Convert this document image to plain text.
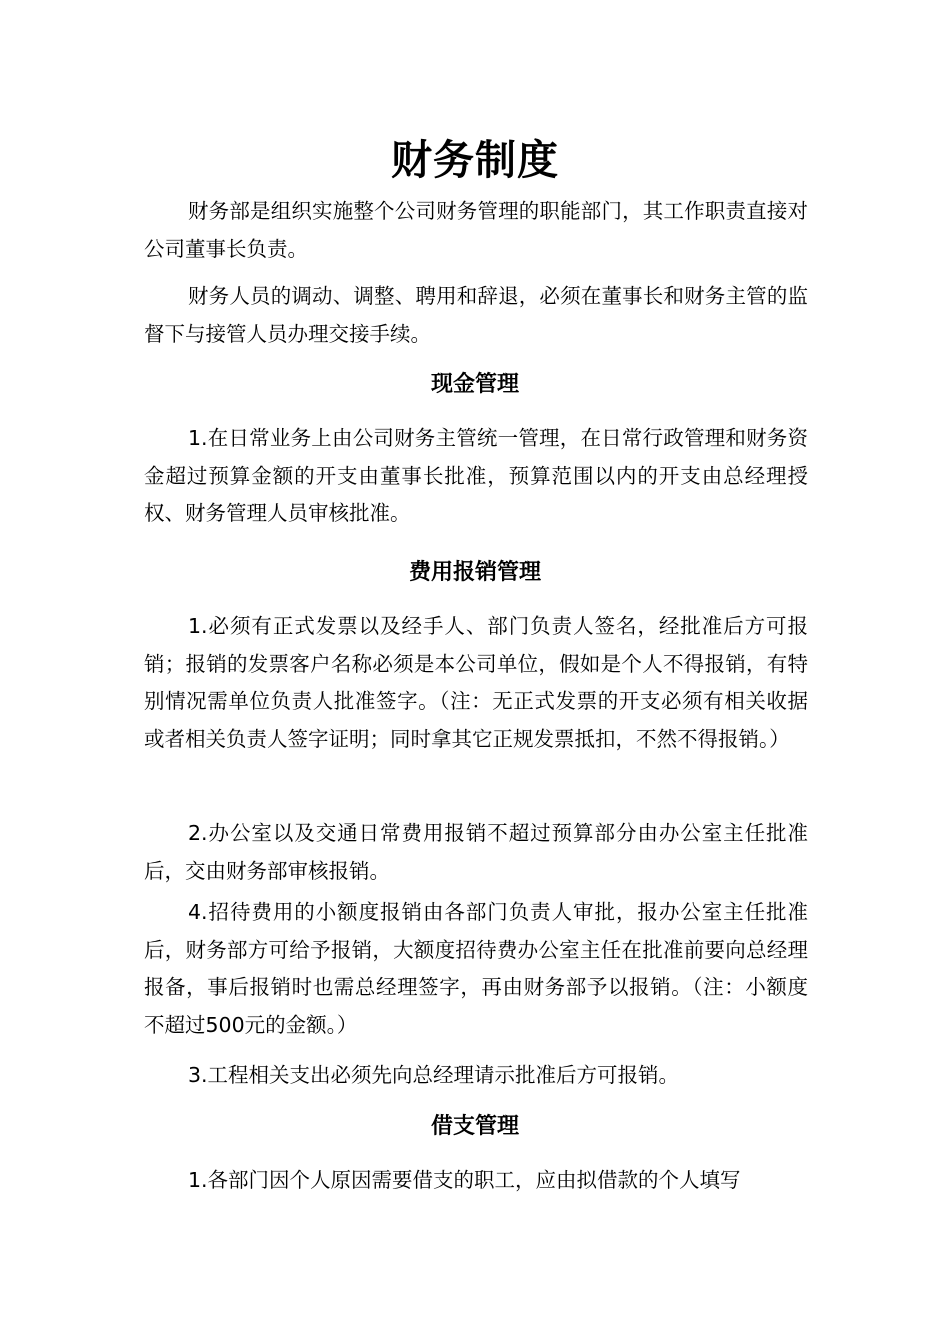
财务制度

财务部是组织实施整个公司财务管理的职能部门，其工作职责直接对公司董事长负责。

财务人员的调动、调整、聘用和辞退，必须在董事长和财务主管的监督下与接管人员办理交接手续。

现金管理

1.在日常业务上由公司财务主管统一管理，在日常行政管理和财务资金超过预算金额的开支由董事长批准，预算范围以内的开支由总经理授权、财务管理人员审核批准。

费用报销管理

1.必须有正式发票以及经手人、部门负责人签名，经批准后方可报销；报销的发票客户名称必须是本公司单位，假如是个人不得报销，有特别情况需单位负责人批准签字。（注：无正式发票的开支必须有相关收据或者相关负责人签字证明；同时拿其它正规发票抵扣，不然不得报销。）

2.办公室以及交通日常费用报销不超过预算部分由办公室主任批准后，交由财务部审核报销。

4.招待费用的小额度报销由各部门负责人审批，报办公室主任批准后，财务部方可给予报销，大额度招待费办公室主任在批准前要向总经理报备，事后报销时也需总经理签字，再由财务部予以报销。（注：小额度不超过500元的金额。）

3.工程相关支出必须先向总经理请示批准后方可报销。

借支管理

1.各部门因个人原因需要借支的职工，应由拟借款的个人填写
